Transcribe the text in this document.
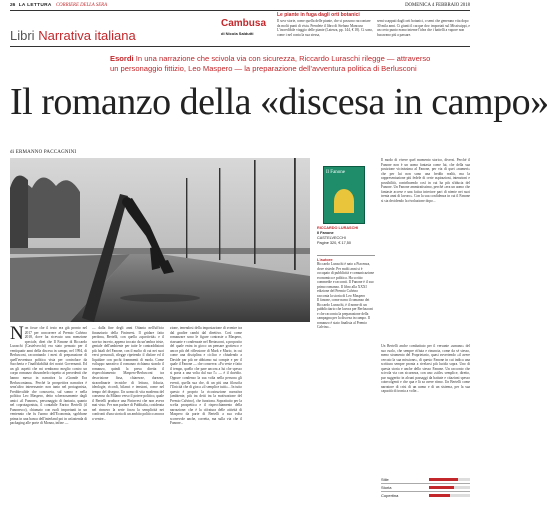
26 LA LETTURA CORRIERE DELLA SERA	DOMENICA 4 FEBBRAIO 2018
Libri Narrativa italiana
Cambusa
di Nicola Saldutti
Le piante in fuga dagli orti botanici
Il sovr storie, come quella delle piante, che si possono raccontare da molti punti di vista. Prendete il libro di Stefano Mancuso L'incredibile viaggio delle piante (Laterza, pp. 144, € 18). Ci sono, come i nel conta la sua stessa,
semi scappati dagli orti botanici, o semi che generano vita dopo 30 mila anni. Ci giunti il cacque dov. importati sul Mississippi, e un certo punto erano interne l'idea che i battelli a vapore non bucavano più a passare.
Esordi In una narrazione che scivola via con sicurezza, Riccardo Luraschi rilegge — attraverso
un personaggio fittizio, Leo Maspero — la preparazione dell'avventura politica di Berlusconi
Il romanzo della «discesa in campo»
di ERMANNO PACCAGNINI
Il Fanone
RICCARDO LURASCHI
Il Fanone
CASTELVECCHI
Pagine 320, € 17,50
L'autore
Riccardo Luraschi è nato a Piacenza, dove risiede. Per molti anni si è occupato di pubblicità e comunicazione economica e politica. Ha scritto commedie e racconti. Il Fanone è il suo primo romanzo. Il libro alla XXXI edizione del Premio Calvino
racconta la storia di Leo Maspero
Il fanone, come narra il romanzo dei Riccardo Luraschi, è il nome di un pubblicitario che lavora per Berlusconi e che racconta la preparazione della campagna per la discesa in campo. Il romanzo è stato finalista al Premio Calvino...
N on fosse che il testo era già pronto nel 2017 per concorrere al Premio Calvino 2018, dove ha ricevuto una menzione speciale, direi che Il Fanone di Riccardo Luraschi (Castelvecchi) era stato pensato per il ventiquattr anni della discesa in campo, nel 1994, di Berlusconi, raccontando i mesi di preparazione di quell'avventura politica vista per controluce da Saccheria e l'inaffidabilità dei nostri Governanti. Ed un gli aspetti che mi sembrano meglio contro un corpo romanzo dissonderlo rispetto ai precedenti che hanno messo in narrativa la «Grande Era Berlusconiana». Perché la prospettiva narrativa è senz'altro interessante: non tanto nel protagonista, Freddovalide che conosceta, sul sonno e nella politica Leo Maspero, detto scherzosamente dagli amici «il Fanone», personaggio di fantasia, quanto nel coprotagonista, il contabile Enrico Bertelli (il Fanonesco), chiamato con ruoli importanti in un ventennio che fu l'uomo dell'Economia, sgobbone prima in una banca dell'interland poi in un'azienda di packaging alle porte di Monza, infine —
— dalla fine degli anni Ottanta nell'ufficio finanziario della Fininvest. Il gridare fatto perdona, Bertelli, con quella «sportività» e il sorriso incerto, appena toccato da un'ombra triste, geniale dell'ambiente per tutte le contraddizioni più fatali del Fanone, con il molto di cui nei suoi versi personali, rilegge ripetendo il disfare ed il liquidare con pochi frammenti di moda. Come sviluppo narrativo il romanzo richiama stondo il romanzo, quindi la presa diretta il rispecchiamento Maspero-Berlusconi tra descrizione fissa, chiarezze, durezze, straordinarie tecniche di lettura, fiducia, ideologie, ricordi, bilanci e tensioni, come nel tempo del disegno. Un uomo di vita moderna del consenso da Milano verso il potere politico, quale il Bertelli produce una Fininvest che non aveva mai visto. Per non parlare di Publitalia, cosiderata nel rinnovo la serie forza la semplicità nei confronti d'una storia di un ambito politico ancora a venire...
zione, tenendosi della impostazione di svenire tra dal gradire cambi dal direttivo. Così come romanzare sono le figure contraste a Maspero, riassunte e condensate nel Bertasconi, a proposito del quale entra in gioco un pensare grottesco e ancor più del riflessione di Mark e Mario, in cui come una disciplina e ciclico e chiudendo a Davide par più ne abbiamo sui compie e per il quale il Fanone — che conserva: «Fa veste e fatto il tempo, quello che pare ancora a lui che spesso si porta a una volta dal suo l'» — è il duvidio. Oppure condenso la sua volta nella persona gli eventi, quella sua che, di un più una filosofia l'Unicità che di gioca «il semplice tutti»... In tutto questo è proprio la ricostruzione narrativa (ambiente, più tra detti tra la motivazione del Premio Calvino), che funziona. Soprattutto per la scelta prospettica e il rispecchiamento della narrazione: che è la cifratura delle attività di Maspero da parte di Bertelli a sua volta scorrevole anche, corretta, ma sulla via che il Fanone...
Il modo di vivere quel momento storico, diversi. Perché il Fanone non è un uomo fantasia come lui, che della sua posizione vicinissima al Fanone, per via di quei «numeri» che per lui non sono una freddo realtà, ma la rappresentazione più fedele di certe aspirazioni, intenzioni e possibilità, contribuendo così in cui ha più sfiducia del Fanone. Un Fanone ammiratissimo, perché «era un uomo che fantasie accese e una fatica interiore pari di niente nei suoi trenta anni di lavoro». Con la sua confidenza in cui il Fanone si sta decidendo la rivoluzione dopo...
Un Bertelli anche combattuto per il versante «umano» del suo ruolo, che sempre rifiuta e rinuncia, come da sé stesso, meno strumento del Proprietario, quasi avvertendo «il avere cercato la sua missione», di questo Fanone in cui indica una scrittura sempre pronta a rivelarsi più lucida sopra. Uno di questa storia e anche dello stesso Fanone. Un racconto che scivola via con sicurezza, con uno «stile» semplice, diretto, pur suggerito in alcuni passaggi da battute e citazioni spesso coinvolgenti e che qua e là sa avere ritmo. Un Bertelli come narratore di crisi di un uomo e di un sistema, per la sua capacità di ironia a volte...
Stile
Storia
Copertina
